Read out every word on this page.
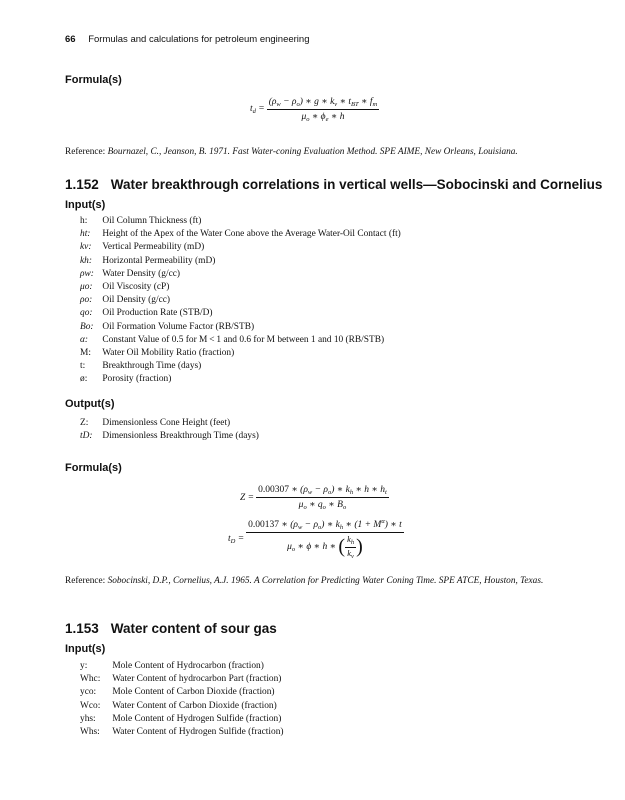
66 Formulas and calculations for petroleum engineering
Formula(s)
$t_d = \frac{(\rho_w - \rho_o) ∗ g ∗ k_v ∗ t_{BT} ∗ f_m}{\mu_o ∗ \phi_e ∗ h}$
Reference: Bournazel, C., Jeanson, B. 1971. Fast Water-coning Evaluation Method. SPE AIME, New Orleans, Louisiana.
1.152 Water breakthrough correlations in vertical wells—Sobocinski and Cornelius
Input(s)
h: Oil Column Thickness (ft)
ht: Height of the Apex of the Water Cone above the Average Water-Oil Contact (ft)
kv: Vertical Permeability (mD)
kh: Horizontal Permeability (mD)
ρw: Water Density (g/cc)
μo: Oil Viscosity (cP)
ρo: Oil Density (g/cc)
qo: Oil Production Rate (STB/D)
Bo: Oil Formation Volume Factor (RB/STB)
α: Constant Value of 0.5 for M < 1 and 0.6 for M between 1 and 10 (RB/STB)
M: Water Oil Mobility Ratio (fraction)
t: Breakthrough Time (days)
ø: Porosity (fraction)
Output(s)
Z: Dimensionless Cone Height (feet)
tD: Dimensionless Breakthrough Time (days)
Formula(s)
$Z = \frac{0.00307 ∗ (\rho_w - \rho_o) ∗ k_h ∗ h ∗ h_t}{\mu_o ∗ q_o ∗ B_o}$
$t_D = \frac{0.00137 ∗ (\rho_w - \rho_o) ∗ k_h ∗ (1 + M^\alpha) ∗ t}{\mu_o ∗ \phi ∗ h ∗ ( \frac{k_h}{k_v} )}$
Reference: Sobocinski, D.P., Cornelius, A.J. 1965. A Correlation for Predicting Water Coning Time. SPE ATCE, Houston, Texas.
1.153 Water content of sour gas
Input(s)
y:	Mole Content of Hydrocarbon (fraction)
Whc: Water Content of hydrocarbon Part (fraction)
yco: Mole Content of Carbon Dioxide (fraction)
Wco: Water Content of Carbon Dioxide (fraction)
yhs: Mole Content of Hydrogen Sulfide (fraction)
Whs: Water Content of Hydrogen Sulfide (fraction)
